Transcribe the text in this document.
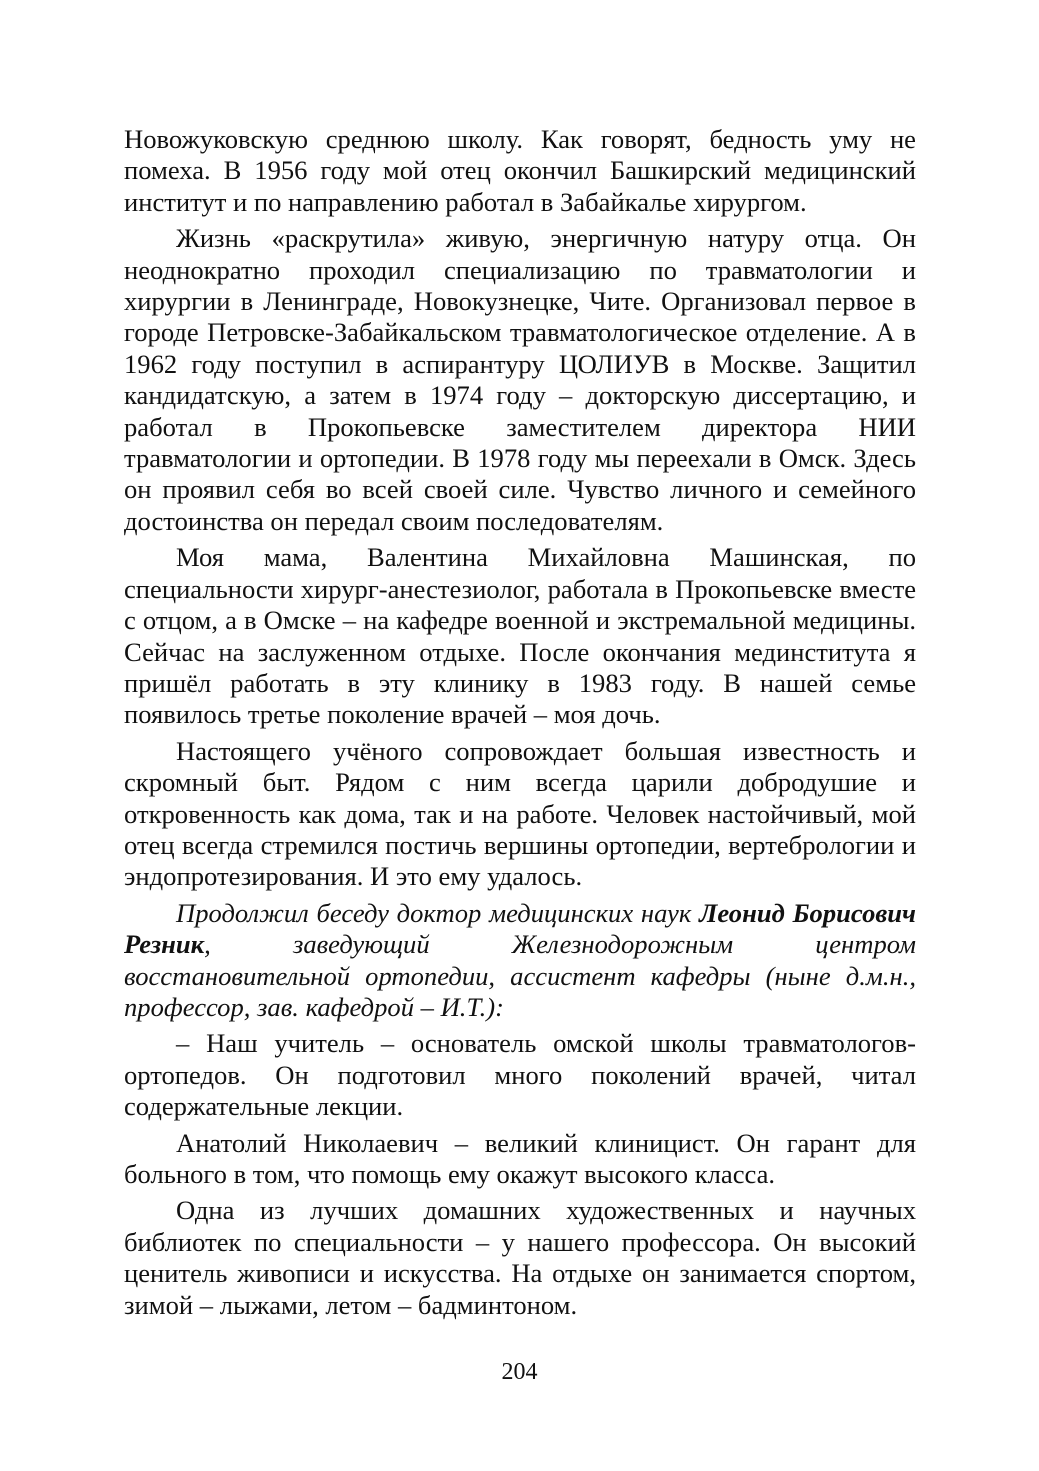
Новожуковскую среднюю школу. Как говорят, бедность уму не помеха. В 1956 году мой отец окончил Башкирский медицинский институт и по направлению работал в Забайкалье хирургом.

Жизнь «раскрутила» живую, энергичную натуру отца. Он неоднократно проходил специализацию по травматологии и хирургии в Ленинграде, Новокузнецке, Чите. Организовал первое в городе Петровске-Забайкальском травматологическое отделение. А в 1962 году поступил в аспирантуру ЦОЛИУВ в Москве. Защитил кандидатскую, а затем в 1974 году – докторскую диссертацию, и работал в Прокопьевске заместителем директора НИИ травматологии и ортопедии. В 1978 году мы переехали в Омск. Здесь он проявил себя во всей своей силе. Чувство личного и семейного достоинства он передал своим последователям.

Моя мама, Валентина Михайловна Машинская, по специальности хирург-анестезиолог, работала в Прокопьевске вместе с отцом, а в Омске – на кафедре военной и экстремальной медицины. Сейчас на заслуженном отдыхе. После окончания мединститута я пришёл работать в эту клинику в 1983 году. В нашей семье появилось третье поколение врачей – моя дочь.

Настоящего учёного сопровождает большая известность и скромный быт. Рядом с ним всегда царили добродушие и откровенность как дома, так и на работе. Человек настойчивый, мой отец всегда стремился постичь вершины ортопедии, вертебрологии и эндопротезирования. И это ему удалось.

Продолжил беседу доктор медицинских наук Леонид Борисович Резник, заведующий Железнодорожным центром восстановительной ортопедии, ассистент кафедры (ныне д.м.н., профессор, зав. кафедрой – И.Т.):

– Наш учитель – основатель омской школы травматологов-ортопедов. Он подготовил много поколений врачей, читал содержательные лекции.

Анатолий Николаевич – великий клиницист. Он гарант для больного в том, что помощь ему окажут высокого класса.

Одна из лучших домашних художественных и научных библиотек по специальности – у нашего профессора. Он высокий ценитель живописи и искусства. На отдыхе он занимается спортом, зимой – лыжами, летом – бадминтоном.

204
